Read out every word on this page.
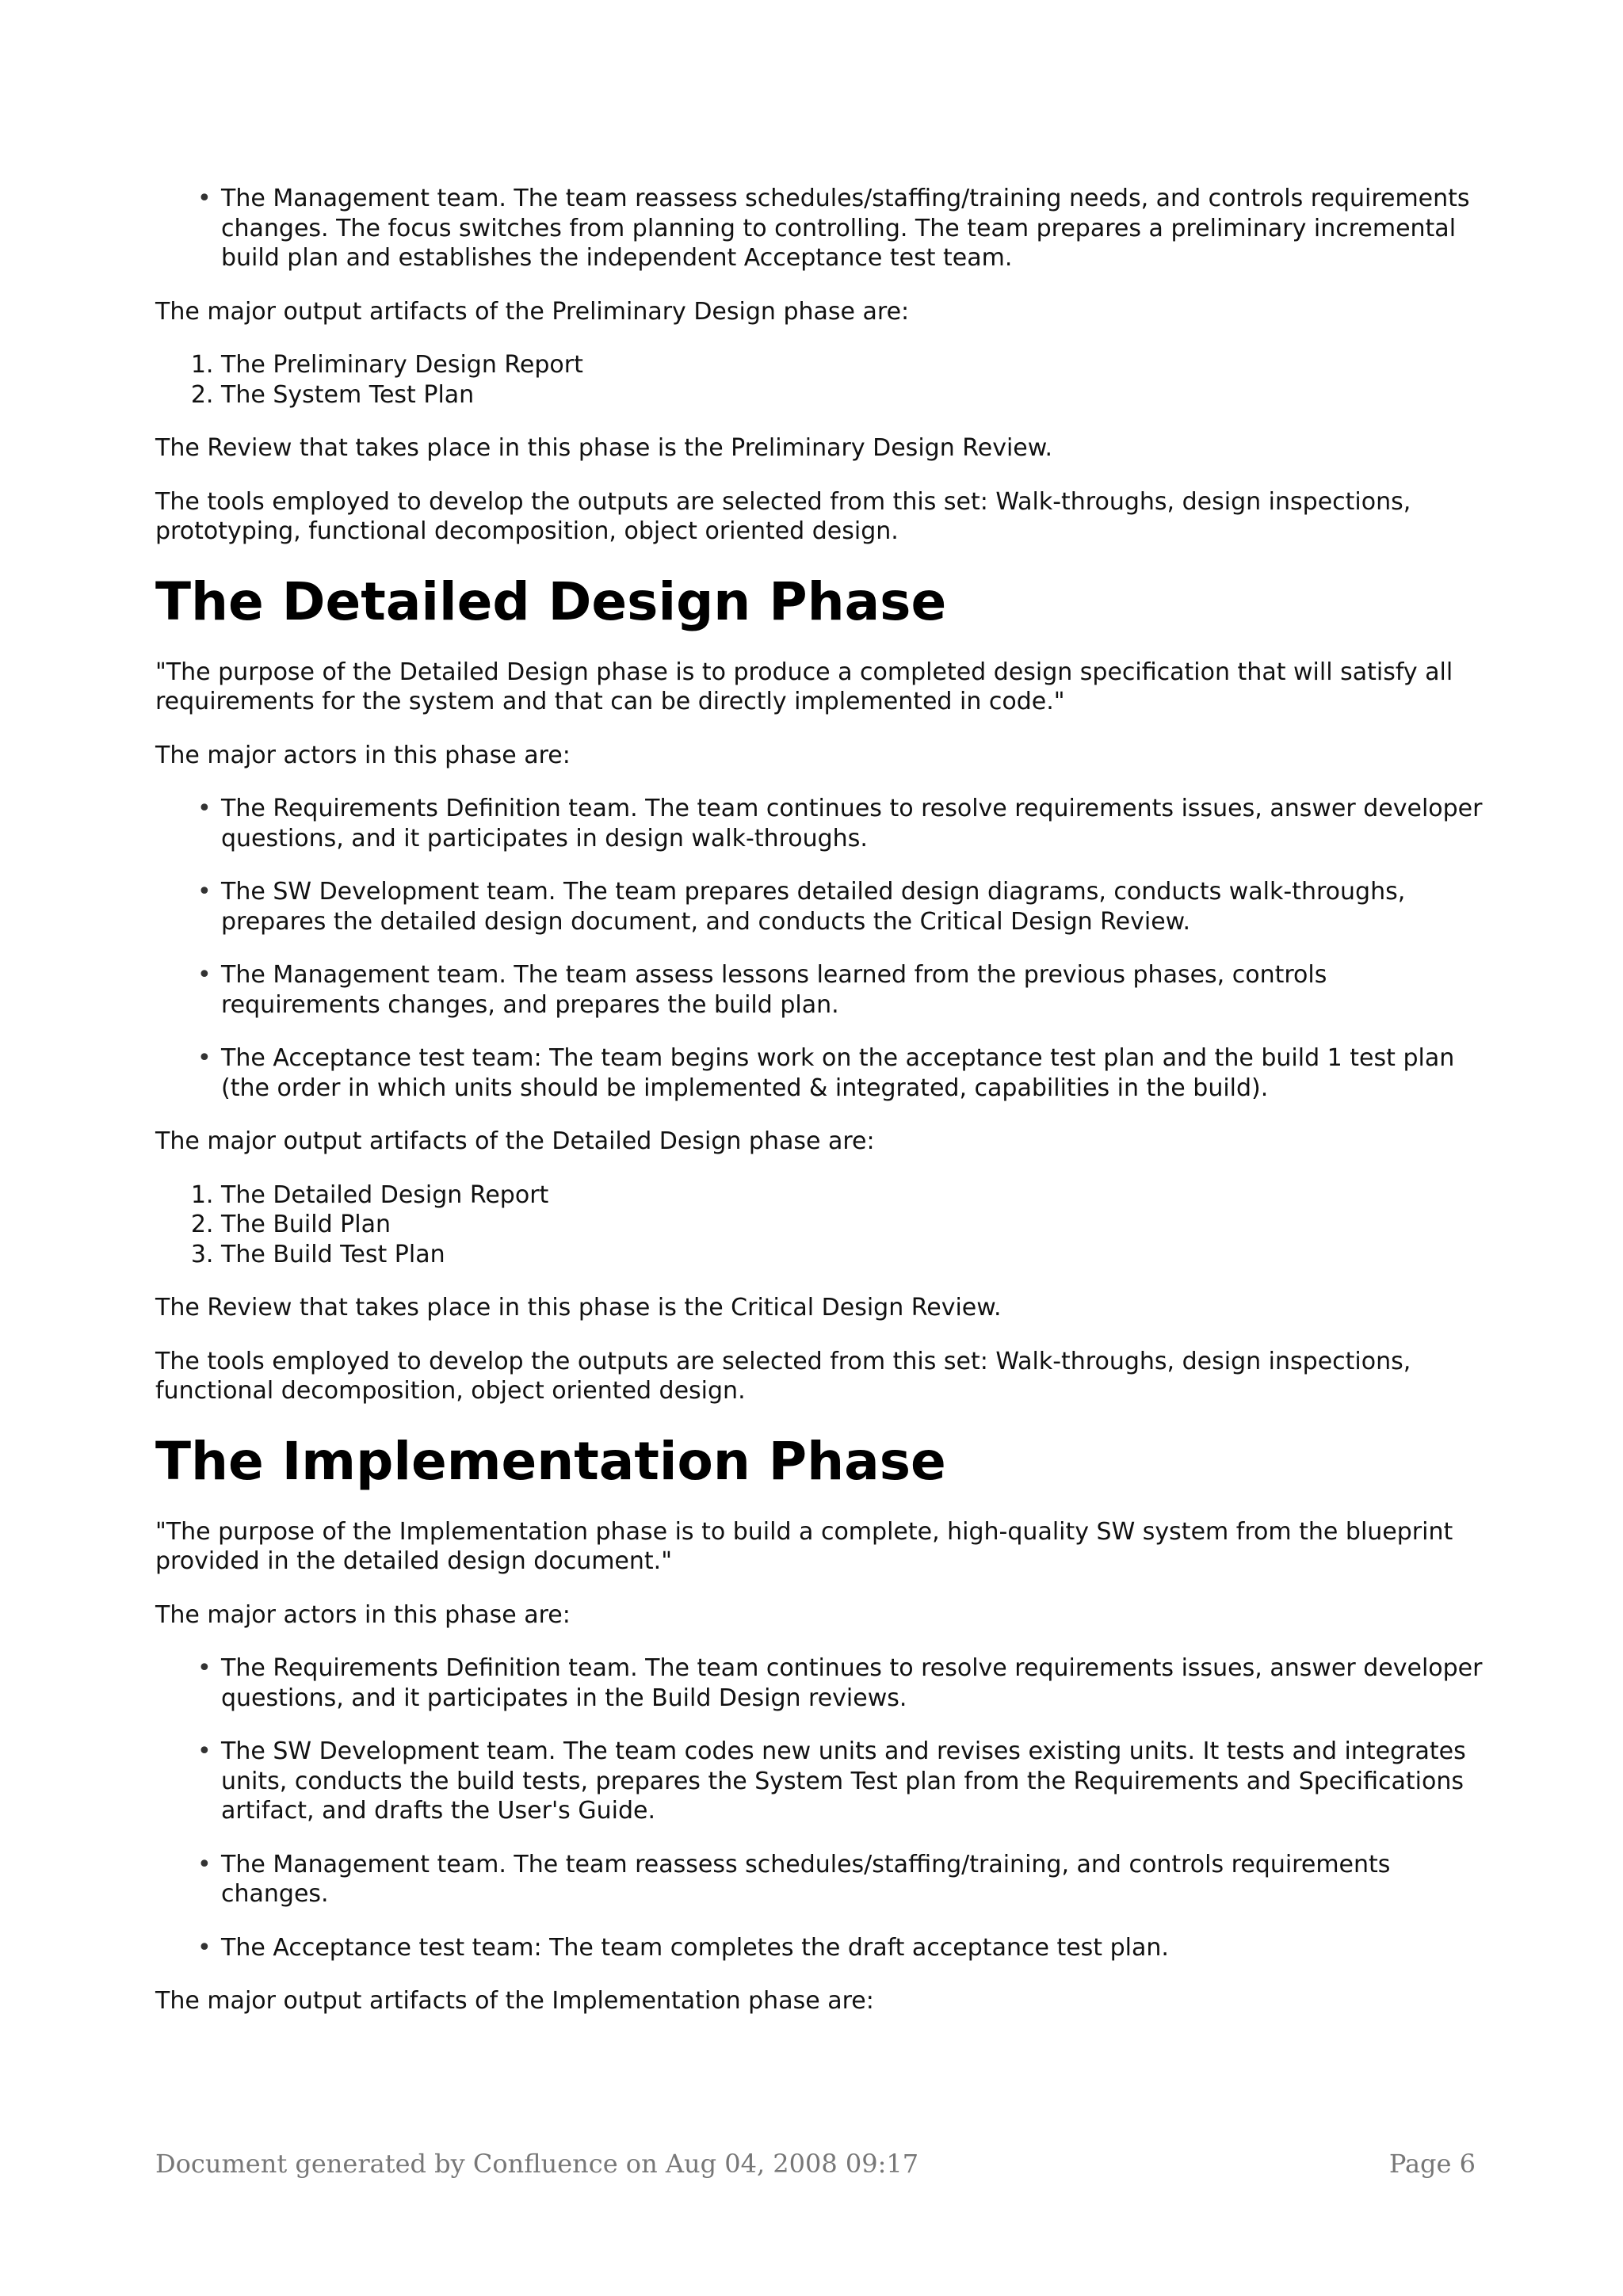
• The Management team. The team reassess schedules/staffing/training needs, and controls requirements changes. The focus switches from planning to controlling. The team prepares a preliminary incremental build plan and establishes the independent Acceptance test team.

The major output artifacts of the Preliminary Design phase are:

1. The Preliminary Design Report
2. The System Test Plan

The Review that takes place in this phase is the Preliminary Design Review.

The tools employed to develop the outputs are selected from this set: Walk-throughs, design inspections, prototyping, functional decomposition, object oriented design.

The Detailed Design Phase

"The purpose of the Detailed Design phase is to produce a completed design specification that will satisfy all requirements for the system and that can be directly implemented in code."

The major actors in this phase are:

• The Requirements Definition team. The team continues to resolve requirements issues, answer developer questions, and it participates in design walk-throughs.
• The SW Development team. The team prepares detailed design diagrams, conducts walk-throughs, prepares the detailed design document, and conducts the Critical Design Review.
• The Management team. The team assess lessons learned from the previous phases, controls requirements changes, and prepares the build plan.
• The Acceptance test team: The team begins work on the acceptance test plan and the build 1 test plan (the order in which units should be implemented & integrated, capabilities in the build).

The major output artifacts of the Detailed Design phase are:

1. The Detailed Design Report
2. The Build Plan
3. The Build Test Plan

The Review that takes place in this phase is the Critical Design Review.

The tools employed to develop the outputs are selected from this set: Walk-throughs, design inspections, functional decomposition, object oriented design.

The Implementation Phase

"The purpose of the Implementation phase is to build a complete, high-quality SW system from the blueprint provided in the detailed design document."

The major actors in this phase are:

• The Requirements Definition team. The team continues to resolve requirements issues, answer developer questions, and it participates in the Build Design reviews.
• The SW Development team. The team codes new units and revises existing units. It tests and integrates units, conducts the build tests, prepares the System Test plan from the Requirements and Specifications artifact, and drafts the User's Guide.
• The Management team. The team reassess schedules/staffing/training, and controls requirements changes.
• The Acceptance test team: The team completes the draft acceptance test plan.

The major output artifacts of the Implementation phase are:

Document generated by Confluence on Aug 04, 2008 09:17	Page 6
